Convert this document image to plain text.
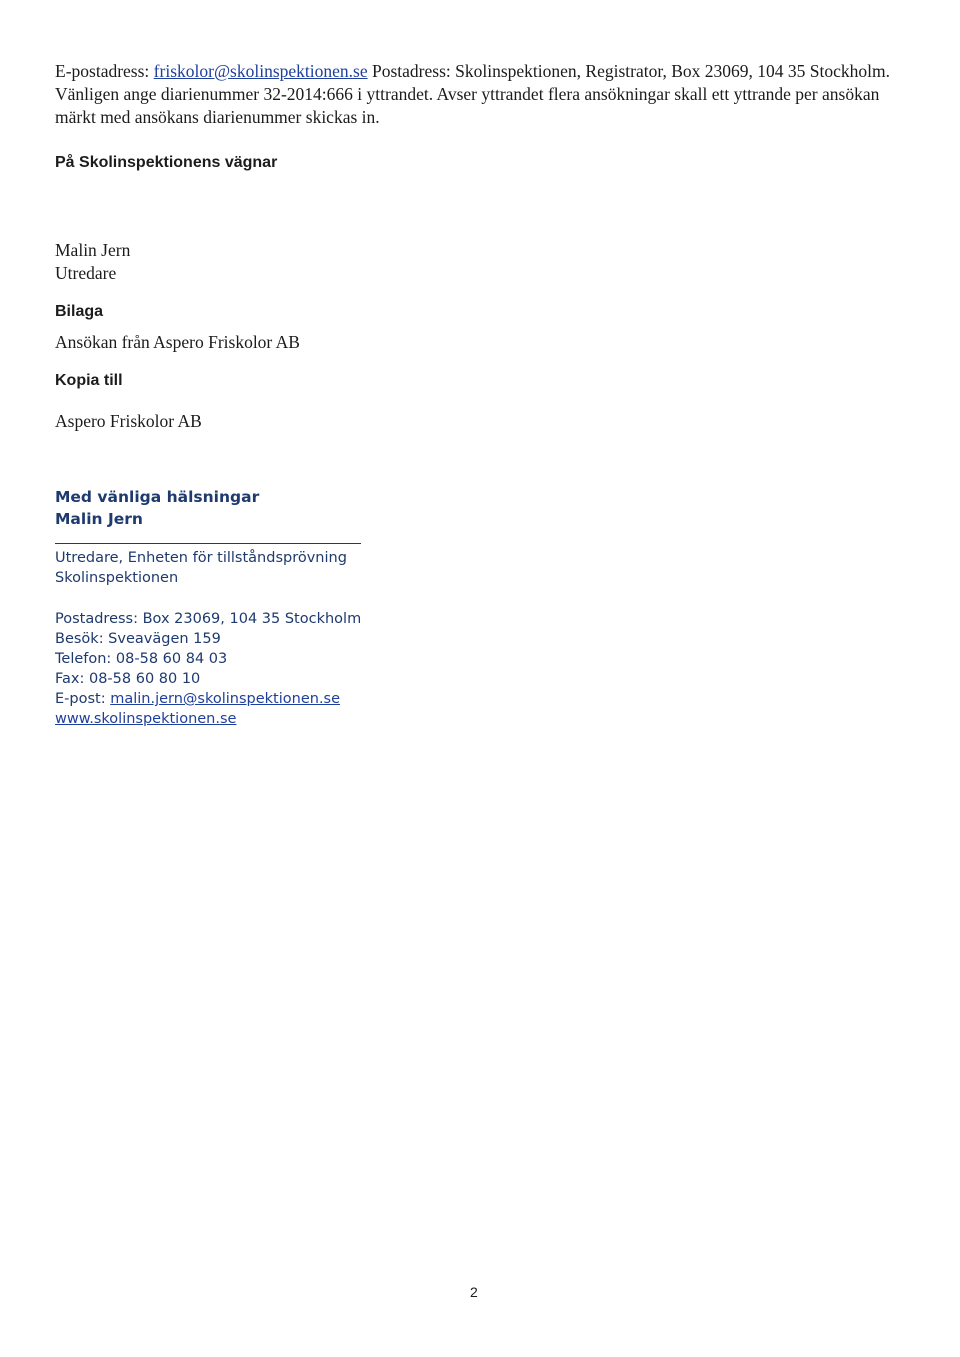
E-postadress: friskolor@skolinspektionen.se Postadress: Skolinspektionen, Registrator, Box 23069, 104 35 Stockholm. Vänligen ange diarienummer 32-2014:666 i yttrandet. Avser yttrandet flera ansökningar skall ett yttrande per ansökan märkt med ansökans diarienummer skickas in.

På Skolinspektionens vägnar

Malin Jern
Utredare
Bilaga
Ansökan från Aspero Friskolor AB
Kopia till
Aspero Friskolor AB
Med vänliga hälsningar
Malin Jern
Utredare, Enheten för tillståndsprövning
Skolinspektionen
Postadress: Box 23069, 104 35 Stockholm
Besök: Sveavägen 159
Telefon: 08-58 60 84 03
Fax: 08-58 60 80 10
E-post: malin.jern@skolinspektionen.se
www.skolinspektionen.se

2
